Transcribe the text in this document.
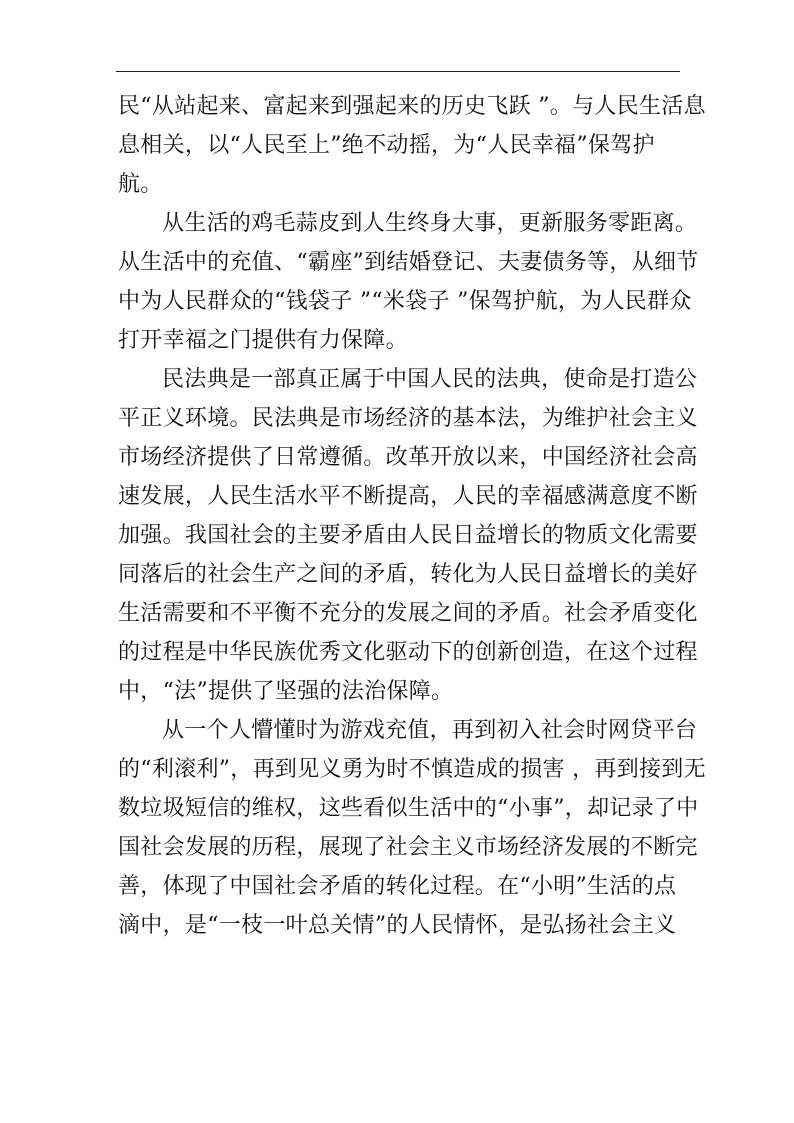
民“从站起来、富起来到强起来的历史飞跃 ”。与人民生活息
息相关，以“人民至上”绝不动摇，为“人民幸福”保驾护
航。
从生活的鸡毛蒜皮到人生终身大事，更新服务零距离。
从生活中的充值、“霸座”到结婚登记、夫妻债务等，从细节
中为人民群众的“钱袋子 ”“米袋子 ”保驾护航，为人民群众
打开幸福之门提供有力保障。
民法典是一部真正属于中国人民的法典，使命是打造公
平正义环境。民法典是市场经济的基本法，为维护社会主义
市场经济提供了日常遵循。改革开放以来，中国经济社会高
速发展，人民生活水平不断提高，人民的幸福感满意度不断
加强。我国社会的主要矛盾由人民日益增长的物质文化需要
同落后的社会生产之间的矛盾，转化为人民日益增长的美好
生活需要和不平衡不充分的发展之间的矛盾。社会矛盾变化
的过程是中华民族优秀文化驱动下的创新创造，在这个过程
中，“法”提供了坚强的法治保障。
从一个人懵懂时为游戏充值，再到初入社会时网贷平台
的“利滚利”，再到见义勇为时不慎造成的损害 ，再到接到无
数垃圾短信的维权，这些看似生活中的“小事”，却记录了中
国社会发展的历程，展现了社会主义市场经济发展的不断完
善，体现了中国社会矛盾的转化过程。在“小明”生活的点
滴中，是“一枝一叶总关情”的人民情怀，是弘扬社会主义
